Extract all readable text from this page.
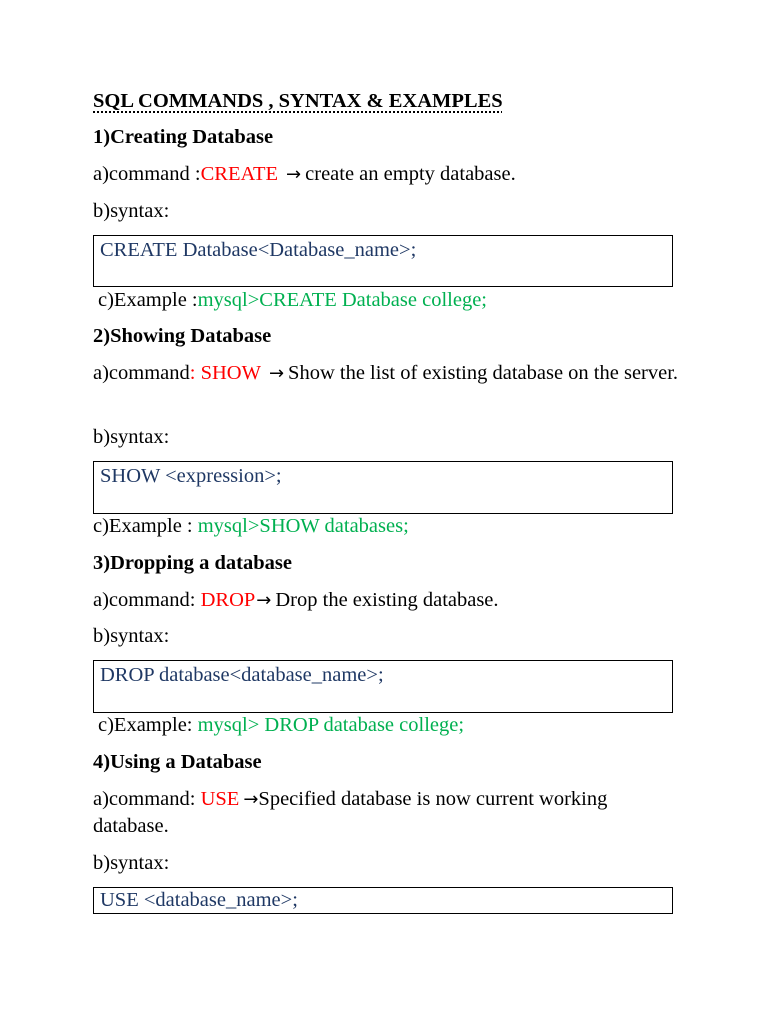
SQL COMMANDS , SYNTAX & EXAMPLES
1)Creating Database
a)command :CREATE → create an empty database.
b)syntax:
CREATE Database<Database_name>;
c)Example :mysql>CREATE Database college;
2)Showing Database
a)command: SHOW → Show the list of existing database on the server.
b)syntax:
SHOW <expression>;
c)Example : mysql>SHOW databases;
3)Dropping a database
a)command: DROP→ Drop the existing database.
b)syntax:
DROP database<database_name>;
c)Example: mysql> DROP database college;
4)Using a Database
a)command: USE →Specified database is now current working database.
b)syntax:
USE <database_name>;
